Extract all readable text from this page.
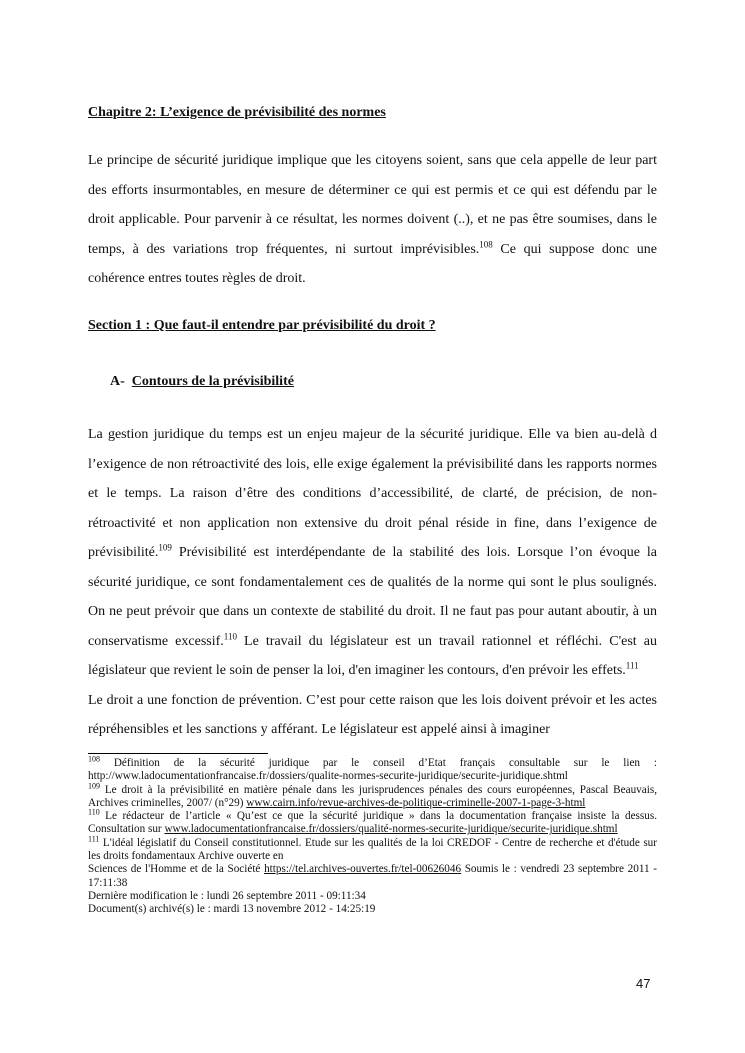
Chapitre 2: L’exigence de prévisibilité des normes

Le principe de sécurité juridique implique que les citoyens soient, sans que cela appelle de leur part des efforts insurmontables, en mesure de déterminer ce qui est permis et ce qui est défendu par le droit applicable. Pour parvenir à ce résultat, les normes doivent (..), et ne pas être soumises, dans le temps, à des variations trop fréquentes, ni surtout imprévisibles.$^{108}$ Ce qui suppose donc une cohérence entres toutes règles de droit.

Section 1 : Que faut-il entendre par prévisibilité du droit ?

A- Contours de la prévisibilité

La gestion juridique du temps est un enjeu majeur de la sécurité juridique. Elle va bien au-delà d l’exigence de non rétroactivité des lois, elle exige également la prévisibilité dans les rapports normes et le temps. La raison d’être des conditions d’accessibilité, de clarté, de précision, de non-rétroactivité et non application non extensive du droit pénal réside in fine, dans l’exigence de prévisibilité.$^{109}$ Prévisibilité est interdépendante de la stabilité des lois. Lorsque l’on évoque la sécurité juridique, ce sont fondamentalement ces de qualités de la norme qui sont le plus soulignés. On ne peut prévoir que dans un contexte de stabilité du droit. Il ne faut pas pour autant aboutir, à un conservatisme excessif.$^{110}$ Le travail du législateur est un travail rationnel et réfléchi. C'est au législateur que revient le soin de penser la loi, d'en imaginer les contours, d'en prévoir les effets.$^{111}$

Le droit a une fonction de prévention. C’est pour cette raison que les lois doivent prévoir et les actes répréhensibles et les sanctions y afférant. Le législateur est appelé ainsi à imaginer

$^{108}$ Définition de la sécurité juridique par le conseil d’Etat français consultable sur le lien : http://www.ladocumentationfrancaise.fr/dossiers/qualite-normes-securite-juridique/securite-juridique.shtml

$^{109}$ Le droit à la prévisibilité en matière pénale dans les jurisprudences pénales des cours européennes, Pascal Beauvais, Archives criminelles, 2007/ (n°29) www.cairn.info/revue-archives-de-politique-criminelle-2007-1-page-3-html

$^{110}$ Le rédacteur de l’article « Qu’est ce que la sécurité juridique » dans la documentation française insiste la dessus. Consultation sur www.ladocumentationfrancaise.fr/dossiers/qualité-normes-securite-juridique/securite-juridique.shtml

$^{111}$ L'idéal législatif du Conseil constitutionnel. Etude sur les qualités de la loi CREDOF - Centre de recherche et d'étude sur les droits fondamentaux Archive ouverte en

Sciences de l'Homme et de la Société https://tel.archives-ouvertes.fr/tel-00626046 Soumis le : vendredi 23 septembre 2011 - 17:11:38

Dernière modification le : lundi 26 septembre 2011 - 09:11:34

Document(s) archivé(s) le : mardi 13 novembre 2012 - 14:25:19

47
